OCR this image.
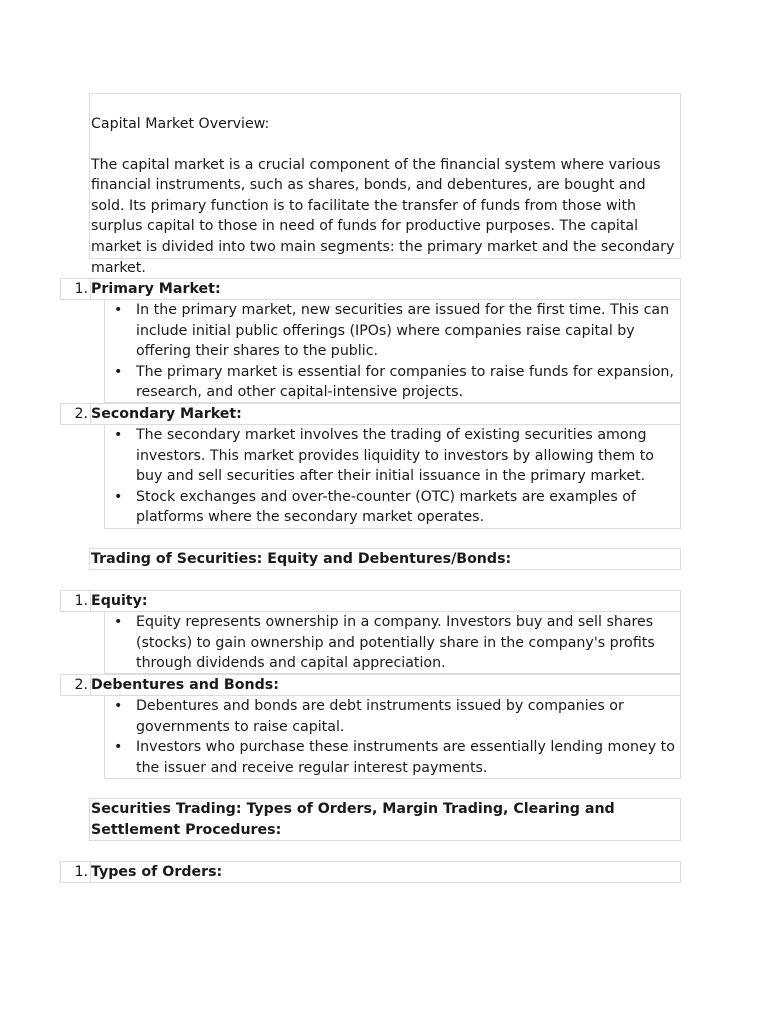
Capital Market Overview:

The capital market is a crucial component of the financial system where various financial instruments, such as shares, bonds, and debentures, are bought and sold. Its primary function is to facilitate the transfer of funds from those with surplus capital to those in need of funds for productive purposes. The capital market is divided into two main segments: the primary market and the secondary market.

1. Primary Market:
• In the primary market, new securities are issued for the first time. This can include initial public offerings (IPOs) where companies raise capital by offering their shares to the public.
• The primary market is essential for companies to raise funds for expansion, research, and other capital-intensive projects.
2. Secondary Market:
• The secondary market involves the trading of existing securities among investors. This market provides liquidity to investors by allowing them to buy and sell securities after their initial issuance in the primary market.
• Stock exchanges and over-the-counter (OTC) markets are examples of platforms where the secondary market operates.
Trading of Securities: Equity and Debentures/Bonds:
1. Equity:
• Equity represents ownership in a company. Investors buy and sell shares (stocks) to gain ownership and potentially share in the company's profits through dividends and capital appreciation.
2. Debentures and Bonds:
• Debentures and bonds are debt instruments issued by companies or governments to raise capital.
• Investors who purchase these instruments are essentially lending money to the issuer and receive regular interest payments.
Securities Trading: Types of Orders, Margin Trading, Clearing and Settlement Procedures:
1. Types of Orders:
